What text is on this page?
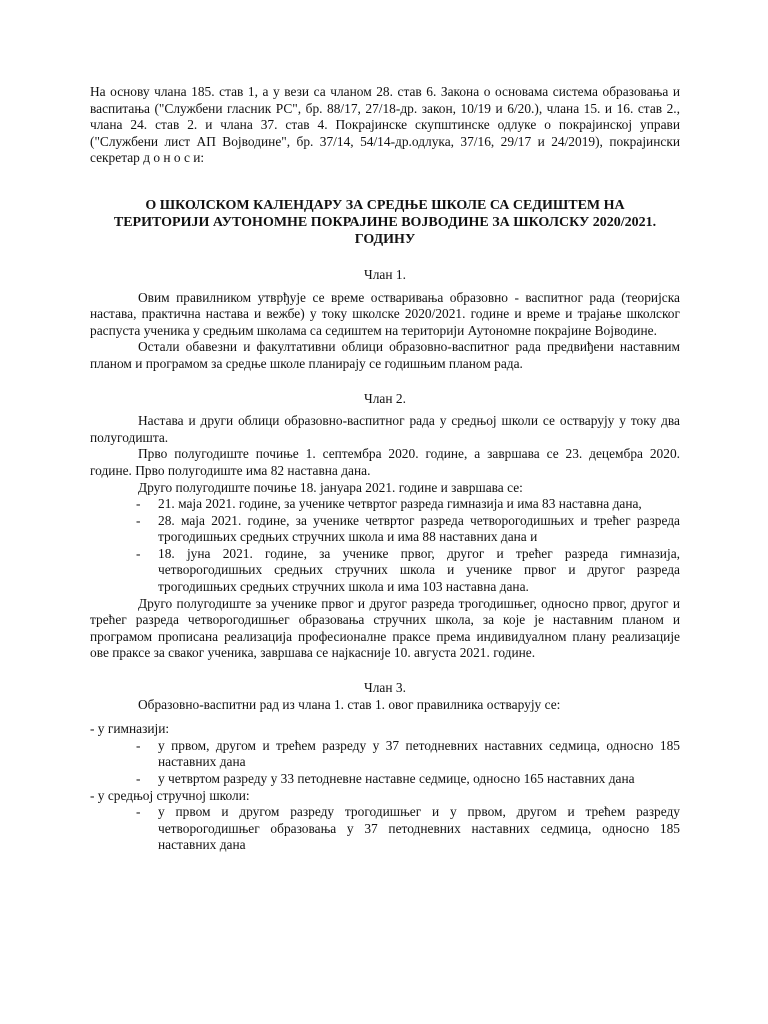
На основу члана 185. став 1, а у вези са чланом 28. став 6. Закона о основама система образовања и васпитања ("Службени гласник РС", бр. 88/17, 27/18-др. закон, 10/19 и 6/20.), члана 15. и 16. став 2., члана 24. став 2. и члана 37. став 4. Покрајинске скупштинске одлуке о покрајинској управи ("Службени лист АП Војводине", бр. 37/14, 54/14-др.одлука, 37/16, 29/17 и 24/2019), покрајински секретар д о н о с и:

О ШКОЛСКОМ КАЛЕНДАРУ ЗА СРЕДЊЕ ШКОЛЕ СА СЕДИШТЕМ НА ТЕРИТОРИЈИ АУТОНОМНЕ ПОКРАЈИНЕ ВОЈВОДИНЕ ЗА ШКОЛСКУ 2020/2021. ГОДИНУ

Члан 1.

Овим правилником утврђује се време остваривања образовно - васпитног рада (теоријска настава, практична настава и вежбе) у току школске 2020/2021. године и време и трајање школског распуста ученика у средњим школама са седиштем на територији Аутономне покрајине Војводине.

Остали обавезни и факултативни облици образовно-васпитног рада предвиђени наставним планом и програмом за средње школе планирају се годишњим планом рада.

Члан 2.

Настава и други облици образовно-васпитног рада у средњој школи се остварују у току два полугодишта.

Прво полугодиште почиње 1. септембра 2020. године, а завршава се 23. децембра 2020. године. Прво полугодиште има 82 наставна дана.

Друго полугодиште почиње 18. јануара 2021. године и завршава се:

- 21. маја 2021. године, за ученике четвртог разреда гимназија и има 83 наставна дана,
- 28. маја 2021. године, за ученике четвртог разреда четворогодишњих и трећег разреда трогодишњих средњих стручних школа и има 88 наставних дана и
- 18. јуна 2021. године, за ученике првог, другог и трећег разреда гимназија, четворогодишњих средњих стручних школа и ученике првог и другог разреда трогодишњих средњих стручних школа и има 103 наставна дана.

Друго полугодиште за ученике првог и другог разреда трогодишњег, односно првог, другог и трећег разреда четворогодишњег образовања стручних школа, за које је наставним планом и програмом прописана реализација професионалне праксе према индивидуалном плану реализације ове праксе за сваког ученика, завршава се најкасније 10. августа 2021. године.

Члан 3.

Образовно-васпитни рад из члана 1. став 1. овог правилника остварују се:

- у гимназији:

- у првом, другом и трећем разреду у 37 петодневних наставних седмица, односно 185 наставних дана
- у четвртом разреду у 33 петодневне наставне седмице, односно 165 наставних дана

- у средњој стручној школи:

- у првом и другом разреду трогодишњег и у првом, другом и трећем разреду четворогодишњег образовања у 37 петодневних наставних седмица, односно 185 наставних дана
